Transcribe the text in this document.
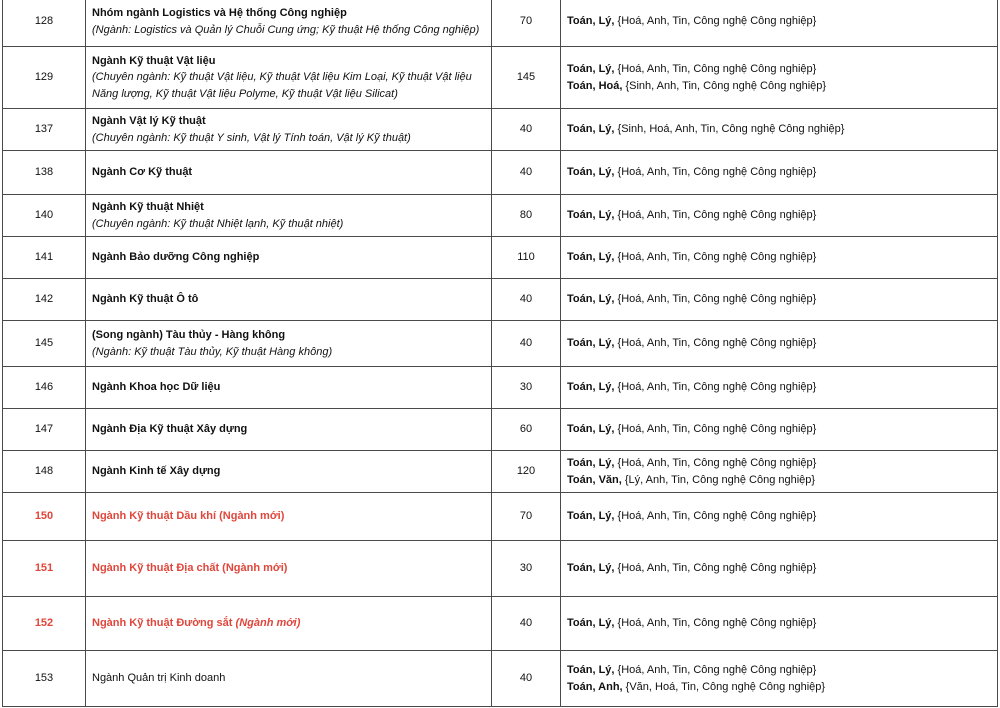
128	Nhóm ngành Logistics và Hệ thống Công nghiệp
(Ngành: Logistics và Quản lý Chuỗi Cung ứng; Kỹ thuật Hệ thống Công nghiệp)	70	Toán, Lý, {Hoá, Anh, Tin, Công nghệ Công nghiệp}

129	Ngành Kỹ thuật Vật liệu
(Chuyên ngành: Kỹ thuật Vật liệu, Kỹ thuật Vật liệu Kim Loại, Kỹ thuật Vật liệu Năng lượng, Kỹ thuật Vật liệu Polyme, Kỹ thuật Vật liệu Silicat)	145	Toán, Lý, {Hoá, Anh, Tin, Công nghệ Công nghiệp}
Toán, Hoá, {Sinh, Anh, Tin, Công nghệ Công nghiệp}

137	Ngành Vật lý Kỹ thuật
(Chuyên ngành: Kỹ thuật Y sinh, Vật lý Tính toán, Vật lý Kỹ thuật)	40	Toán, Lý, {Sinh, Hoá, Anh, Tin, Công nghệ Công nghiệp}

138	Ngành Cơ Kỹ thuật	40	Toán, Lý, {Hoá, Anh, Tin, Công nghệ Công nghiệp}

140	Ngành Kỹ thuật Nhiệt
(Chuyên ngành: Kỹ thuật Nhiệt lạnh, Kỹ thuật nhiệt)	80	Toán, Lý, {Hoá, Anh, Tin, Công nghệ Công nghiệp}

141	Ngành Bảo dưỡng Công nghiệp	110	Toán, Lý, {Hoá, Anh, Tin, Công nghệ Công nghiệp}

142	Ngành Kỹ thuật Ô tô	40	Toán, Lý, {Hoá, Anh, Tin, Công nghệ Công nghiệp}

145	(Song ngành) Tàu thủy - Hàng không
(Ngành: Kỹ thuật Tàu thủy, Kỹ thuật Hàng không)	40	Toán, Lý, {Hoá, Anh, Tin, Công nghệ Công nghiệp}

146	Ngành Khoa học Dữ liệu	30	Toán, Lý, {Hoá, Anh, Tin, Công nghệ Công nghiệp}

147	Ngành Địa Kỹ thuật Xây dựng	60	Toán, Lý, {Hoá, Anh, Tin, Công nghệ Công nghiệp}

148	Ngành Kinh tế Xây dựng	120	Toán, Lý, {Hoá, Anh, Tin, Công nghệ Công nghiệp}
Toán, Văn, {Lý, Anh, Tin, Công nghệ Công nghiệp}

150	Ngành Kỹ thuật Dầu khí (Ngành mới)	70	Toán, Lý, {Hoá, Anh, Tin, Công nghệ Công nghiệp}

151	Ngành Kỹ thuật Địa chất (Ngành mới)	30	Toán, Lý, {Hoá, Anh, Tin, Công nghệ Công nghiệp}

152	Ngành Kỹ thuật Đường sắt (Ngành mới)	40	Toán, Lý, {Hoá, Anh, Tin, Công nghệ Công nghiệp}

153	Ngành Quản trị Kinh doanh	40	Toán, Lý, {Hoá, Anh, Tin, Công nghệ Công nghiệp}
Toán, Anh, {Văn, Hoá, Tin, Công nghệ Công nghiệp}
